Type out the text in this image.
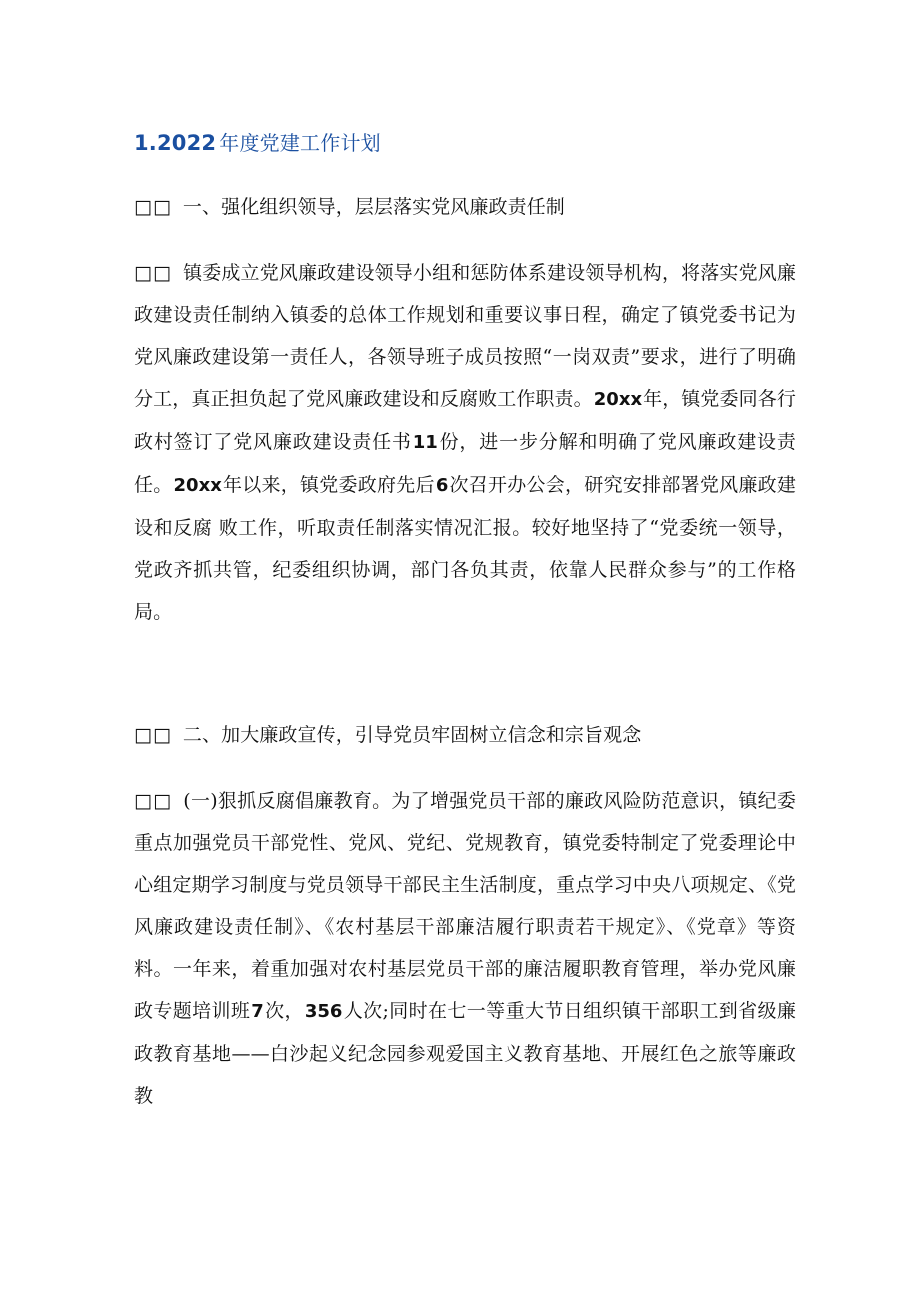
1.2022 年度党建工作计划

□□ 一、强化组织领导，层层落实党风廉政责任制

□□ 镇委成立党风廉政建设领导小组和惩防体系建设领导机构，将落实党风廉政建设责任制纳入镇委的总体工作规划和重要议事日程，确定了镇党委书记为党风廉政建设第一责任人，各领导班子成员按照“一岗双责”要求，进行了明确分工，真正担负起了党风廉政建设和反腐败工作职责。20xx年，镇党委同各行政村签订了党风廉政建设责任书11份，进一步分解和明确了党风廉政建设责任。20xx年以来，镇党委政府先后6次召开办公会，研究安排部署党风廉政建设和反腐 败工作，听取责任制落实情况汇报。较好地坚持了“党委统一领导，党政齐抓共管，纪委组织协调，部门各负其责，依靠人民群众参与”的工作格局。

□□ 二、加大廉政宣传，引导党员牢固树立信念和宗旨观念

□□ (一)狠抓反腐倡廉教育。为了增强党员干部的廉政风险防范意识，镇纪委重点加强党员干部党性、党风、党纪、党规教育，镇党委特制定了党委理论中心组定期学习制度与党员领导干部民主生活制度，重点学习中央八项规定、《党风廉政建设责任制》、《农村基层干部廉洁履行职责若干规定》、《党章》等资料。一年来，着重加强对农村基层党员干部的廉洁履职教育管理，举办党风廉政专题培训班7次，356人次;同时在七一等重大节日组织镇干部职工到省级廉政教育基地——白沙起义纪念园参观爱国主义教育基地、开展红色之旅等廉政教
